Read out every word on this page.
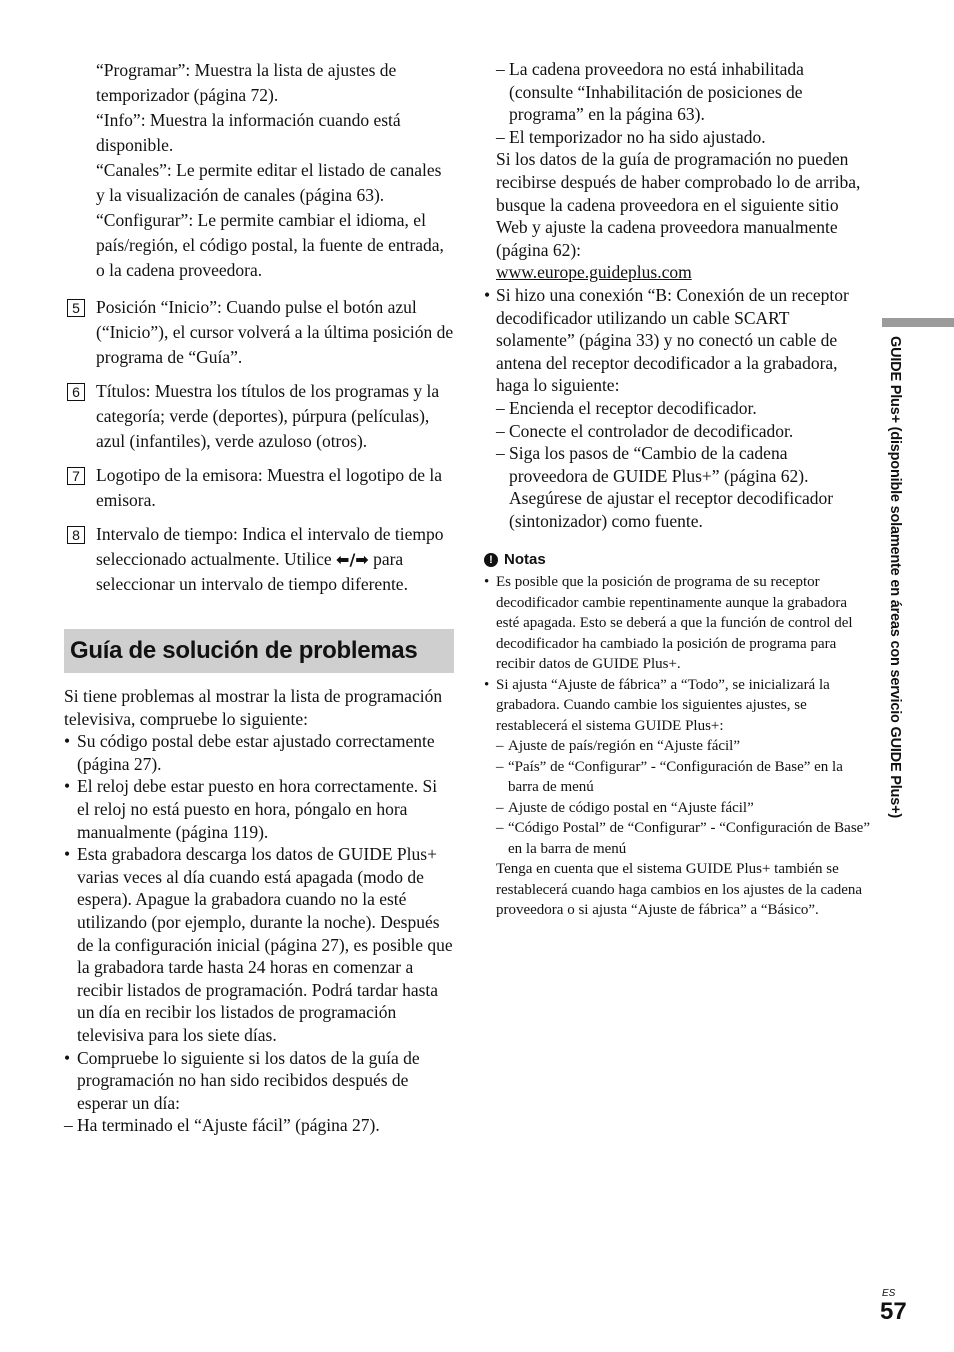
“Programar”: Muestra la lista de ajustes de temporizador (página 72).

“Info”: Muestra la información cuando está disponible.

“Canales”: Le permite editar el listado de canales y la visualización de canales (página 63).

“Configurar”: Le permite cambiar el idioma, el país/región, el código postal, la fuente de entrada, o la cadena proveedora.

5 Posición “Inicio”: Cuando pulse el botón azul (“Inicio”), el cursor volverá a la última posición de programa de “Guía”.
6 Títulos: Muestra los títulos de los programas y la categoría; verde (deportes), púrpura (películas), azul (infantiles), verde azuloso (otros).
7 Logotipo de la emisora: Muestra el logotipo de la emisora.
8 Intervalo de tiempo: Indica el intervalo de tiempo seleccionado actualmente. Utilice ⬅/➡ para seleccionar un intervalo de tiempo diferente.
Guía de solución de problemas
Si tiene problemas al mostrar la lista de programación televisiva, compruebe lo siguiente:
• Su código postal debe estar ajustado correctamente (página 27).
• El reloj debe estar puesto en hora correctamente. Si el reloj no está puesto en hora, póngalo en hora manualmente (página 119).
• Esta grabadora descarga los datos de GUIDE Plus+ varias veces al día cuando está apagada (modo de espera). Apague la grabadora cuando no la esté utilizando (por ejemplo, durante la noche). Después de la configuración inicial (página 27), es posible que la grabadora tarde hasta 24 horas en comenzar a recibir listados de programación. Podrá tardar hasta un día en recibir los listados de programación televisiva para los siete días.
• Compruebe lo siguiente si los datos de la guía de programación no han sido recibidos después de esperar un día:
– Ha terminado el “Ajuste fácil” (página 27).
– La cadena proveedora no está inhabilitada (consulte “Inhabilitación de posiciones de programa” en la página 63).
– El temporizador no ha sido ajustado.
Si los datos de la guía de programación no pueden recibirse después de haber comprobado lo de arriba, busque la cadena proveedora en el siguiente sitio Web y ajuste la cadena proveedora manualmente (página 62):
www.europe.guideplus.com
• Si hizo una conexión “B: Conexión de un receptor decodificador utilizando un cable SCART solamente” (página 33) y no conectó un cable de antena del receptor decodificador a la grabadora, haga lo siguiente:
– Encienda el receptor decodificador.
– Conecte el controlador de decodificador.
– Siga los pasos de “Cambio de la cadena proveedora de GUIDE Plus+” (página 62). Asegúrese de ajustar el receptor decodificador (sintonizador) como fuente.
! Notas
• Es posible que la posición de programa de su receptor decodificador cambie repentinamente aunque la grabadora esté apagada. Esto se deberá a que la función de control del decodificador ha cambiado la posición de programa para recibir datos de GUIDE Plus+.
• Si ajusta “Ajuste de fábrica” a “Todo”, se inicializará la grabadora. Cuando cambie los siguientes ajustes, se restablecerá el sistema GUIDE Plus+:
– Ajuste de país/región en “Ajuste fácil”
– “País” de “Configurar” - “Configuración de Base” en la barra de menú
– Ajuste de código postal en “Ajuste fácil”
– “Código Postal” de “Configurar” - “Configuración de Base” en la barra de menú
Tenga en cuenta que el sistema GUIDE Plus+ también se restablecerá cuando haga cambios en los ajustes de la cadena proveedora o si ajusta “Ajuste de fábrica” a “Básico”.
GUIDE Plus+ (disponible solamente en áreas con servicio GUIDE Plus+)
ES
57
